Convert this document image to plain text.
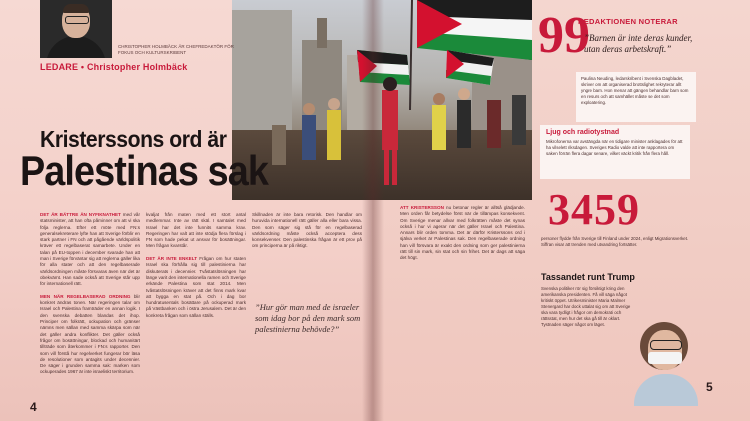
LEDARE • Christopher Holmbäck
CHRISTOPHER HOLMBÄCK ÄR CHEFREDAKTÖR FÖR FOKUS OCH KULTURSKRIBENT
Kristerssons ord är
Palestinas sak
DET ÄR BÄTTRE ÄN NYFIKNATHET med vår statsminister, att han ofta påminner om att vi ska följa reglerna. Efter ett möte med FN:s generalsekreterare lyfte han att Sverige förblir en stark partner i FN och att pågående världspolitik kräver ett regelbaserat samarbete. Under en talan på EU-toppen i december svarade han att man i Sverige förväntar sig att reglerna gäller lika för alla stater och att den regelbaserade världsordningen måste försvaras även när det är obekvämt. Han sade också att Sverige står upp för internationell rätt.

MEN NÄR REGELBASERAD ORDNING blir konkret ändras tonen. När regeringen talar om Israel och Palestina framträder en annan logik. I den svenska debatten blandas det ihop. Principer om folkrätt, ockupation och gränser nämns men sällan med samma skärpa som när det gäller andra konflikter. Det gäller också frågor om bosättningar, blockad och humanitärt tillträde som återkommer i FN:s rapporter. Den som vill förstå hur regelverket fungerar bör läsa de resolutioner som antagits under decennier. De säger i grunden samma sak: marken som ockuperades 1967 är inte israeliskt territorium.
kvaljat från maten med ett stort antal medlemmar. Inte av rätt skäl. I samtalet med Israel har det inte funnits samma krav. Regeringen har valt att inte stödja flera förslag i FN som hade pekat ut ansvar för bosättningar. Men frågan kvarstår.

DET ÄR INTE ENKELT Frågan om hur staten Israel ska förhålla sig till palestinierna har diskuterats i decennier. Tvåstatslösningen har länge varit den internationella ramen och Sverige erkände Palestina som stat 2014. Men tvåstatslösningen kräver att det finns mark kvar att bygga en stat på. Och i dag bor hundratusentals bosättare på ockuperad mark på Västbanken och i östra Jerusalem. Det är den konkreta frågan som sällan ställs.
Skillnaden är inte bara retorisk. Den handlar om huruvida internationell rätt gäller alla eller bara vissa. Den som säger sig stå för en regelbaserad världsordning måste också acceptera dess konsekvenser. Den palestinska frågan är ett prov på om principerna är på riktigt.
”Hur gör man med de israeler som idag bor på den mark som palestinierna behövde?”
4
ATT KRISTERSSON nu betonar regler är alltså glädjande. Men orden får betydelse först när de tillämpas konsekvent. Om Sverige menar allvar med folkrätten måste det synas också i hur vi agerar när det gäller Israel och Palestina. Annars blir orden tomma. Det är därför Kristerssons ord i själva verket är Palestinas sak. Den regelbaserade ordning han vill försvara är exakt den ordning som ger palestinierna rätt till sin mark, sin stat och sin frihet. Det är dags att säga det högt.
99
REDAKTIONEN NOTERAR
”Barnen är inte deras kunder, utan deras arbetskraft.”
Paulina Neuding, ledarskribent i Svenska Dagbladet, skriver om att organiserad brottslighet rekryterar allt yngre barn. Hon menar att gängen behandlar barn som en resurs och att samhället måste se det som exploatering.
Ljug och radiotystnad
Mikrofonerna var avstängda när en tidigare minister anklagades för att ha vilselett riksdagen. Sveriges Radio valde att inte rapportera om saken förrän flera dagar senare, vilket väckt kritik från flera håll.
3459
personer flydde från Sverige till Finland under 2024, enligt Migrationsverket. Siffran visar att trenden med utvandring fortsätter.
Tassandet runt Trump
Svenska politiker rör sig försiktigt kring den amerikanska presidenten. Få vill säga något kritiskt öppet. Utrikesminister Maria Malmer Stenergard har dock uttalat sig om att Sverige ska vara tydligt i frågor om demokrati och rättsstat, men hur det ska gå till är oklart. Tystnaden säger något om läget.
5
